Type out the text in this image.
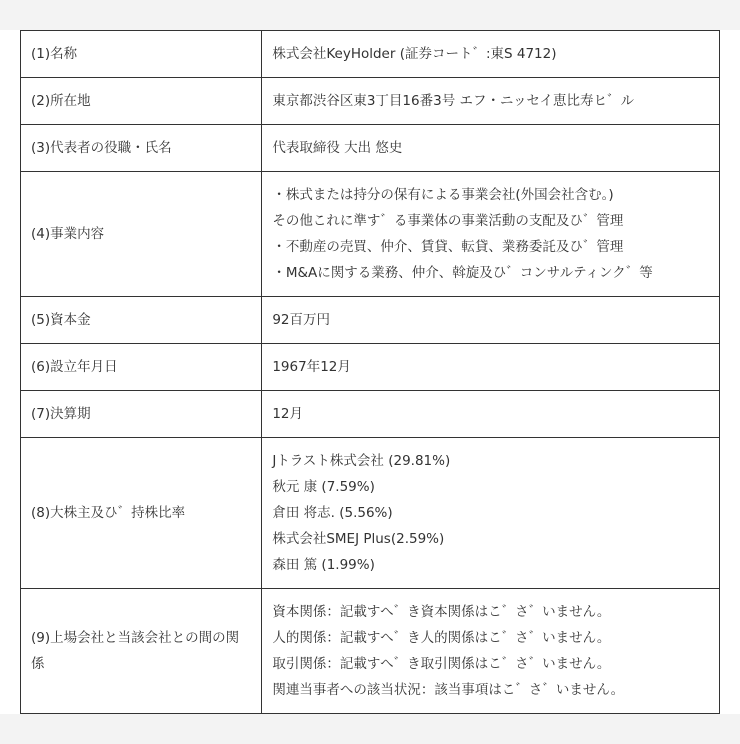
(1)名称	株式会社KeyHolder (証券コート゛:東S 4712)

(2)所在地	東京都渋谷区東3丁目16番3号 エフ・ニッセイ恵比寿ヒ゛ル

(3)代表者の役職・氏名	代表取締役 大出 悠史

(4)事業内容	・株式または持分の保有による事業会社(外国会社含む。)
その他これに準す゛る事業体の事業活動の支配及ひ゛管理
・不動産の売買、仲介、賃貸、転貸、業務委託及ひ゛管理
・M&Aに関する業務、仲介、斡旋及ひ゛コンサルティンク゛等

(5)資本金	92百万円

(6)設立年月日	1967年12月

(7)決算期	12月

(8)大株主及ひ゛持株比率	Jトラスト株式会社 (29.81%)
秋元 康 (7.59%)
倉田 将志. (5.56%)
株式会社SMEJ Plus(2.59%)
森田 篤 (1.99%)

(9)上場会社と当該会社との間の関係	資本関係：記載すへ゛き資本関係はこ゛さ゛いません。
人的関係：記載すへ゛き人的関係はこ゛さ゛いません。
取引関係：記載すへ゛き取引関係はこ゛さ゛いません。
関連当事者への該当状況：該当事項はこ゛さ゛いません。
